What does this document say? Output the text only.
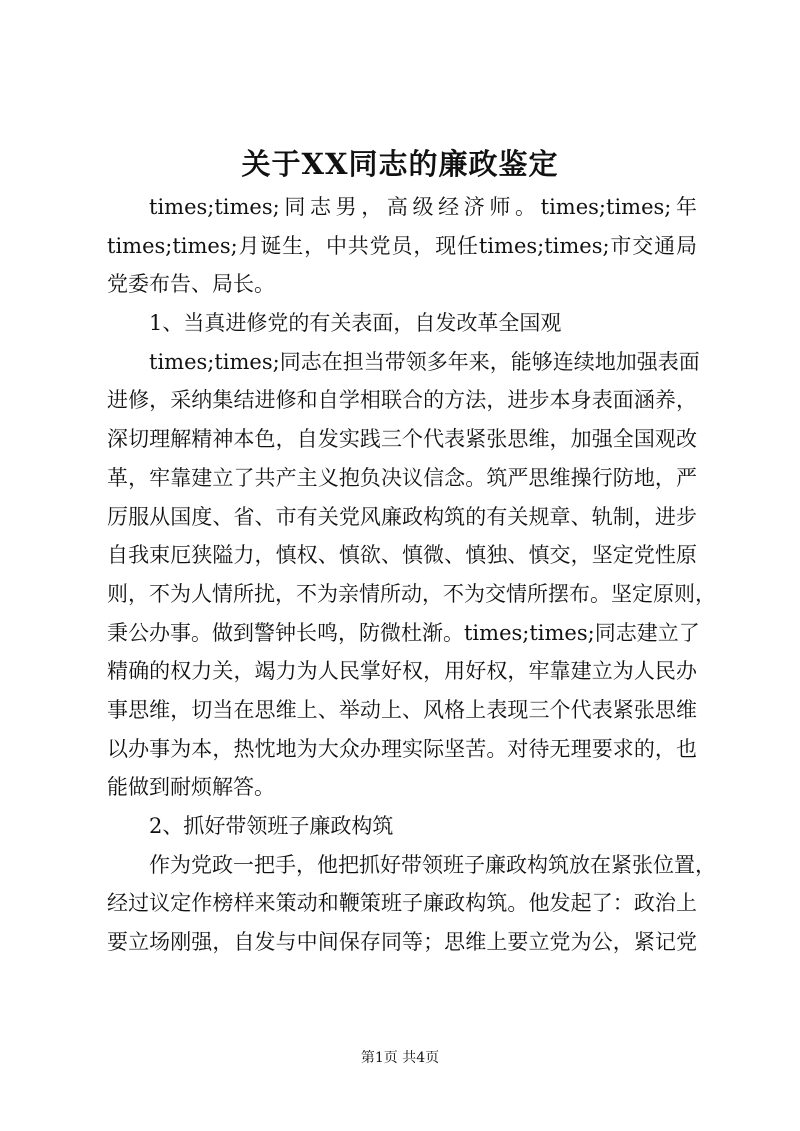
关于XX同志的廉政鉴定
times;times;同志男，高级经济师。times;times;年
times;times;月诞生，中共党员，现任times;times;市交通局
党委布告、局长。
1、当真进修党的有关表面，自发改革全国观
times;times;同志在担当带领多年来，能够连续地加强表面
进修，采纳集结进修和自学相联合的方法，进步本身表面涵养，
深切理解精神本色，自发实践三个代表紧张思维，加强全国观改
革，牢靠建立了共产主义抱负决议信念。筑严思维操行防地，严
厉服从国度、省、市有关党风廉政构筑的有关规章、轨制，进步
自我束厄狭隘力，慎权、慎欲、慎微、慎独、慎交，坚定党性原
则，不为人情所扰，不为亲情所动，不为交情所摆布。坚定原则，
秉公办事。做到警钟长鸣，防微杜渐。times;times;同志建立了
精确的权力关，竭力为人民掌好权，用好权，牢靠建立为人民办
事思维，切当在思维上、举动上、风格上表现三个代表紧张思维
以办事为本，热忱地为大众办理实际坚苦。对待无理要求的，也
能做到耐烦解答。
2、抓好带领班子廉政构筑
作为党政一把手，他把抓好带领班子廉政构筑放在紧张位置，
经过议定作榜样来策动和鞭策班子廉政构筑。他发起了：政治上
要立场刚强，自发与中间保存同等；思维上要立党为公，紧记党
第1页 共4页
